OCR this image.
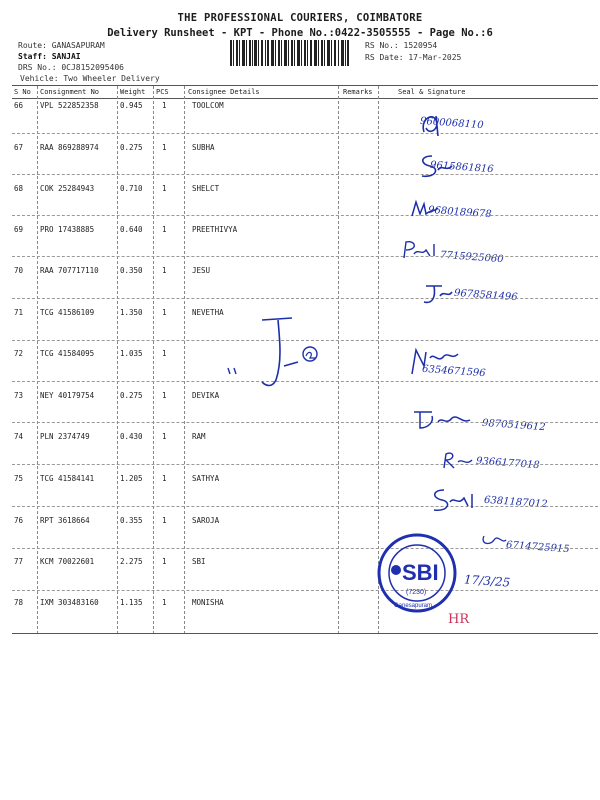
THE PROFESSIONAL COURIERS, COIMBATORE
Delivery Runsheet - KPT - Phone No.:0422-3505555 - Page No.:6
Route: GANASAPURAM
Staff: SANJAI
DRS No.: 0CJ8152095406
Vehicle: Two Wheeler Delivery
RS No.: 1520954
RS Date: 17-Mar-2025
S No Consignment No	Weight PCS	Consignee Details	Remarks	Seal & Signature
66 VPL 522852358	0.945	1	TOOLCOM
9600068110
67 RAA 869288974	0.275	1	SUBHA
9615861816
68 COK 25284943	0.710	1	SHELCT
9680189678
69 PRO 17438885	0.640	1	PREETHIVYA
7715925060
70 RAA 707717110	0.350	1	JESU
9678581496
71 TCG 41586109	1.350	1	NEVETHA
72 TCG 41584095	1.035	1
6354671596
73 NEY 40179754	0.275	1	DEVIKA
9870519612
74 PLN 2374749	0.430	1	RAM
9366177018
75 TCG 41584141	1.205	1	SATHYA
6381187012
76 RPT 3618664	0.355	1	SAROJA
6714725915
77 KCM 70022601	2.275	1	SBI
17/3/25
78 IXM 303483160	1.135	1	MONISHA
SBI
(7230)
Ganesapuram
HR
